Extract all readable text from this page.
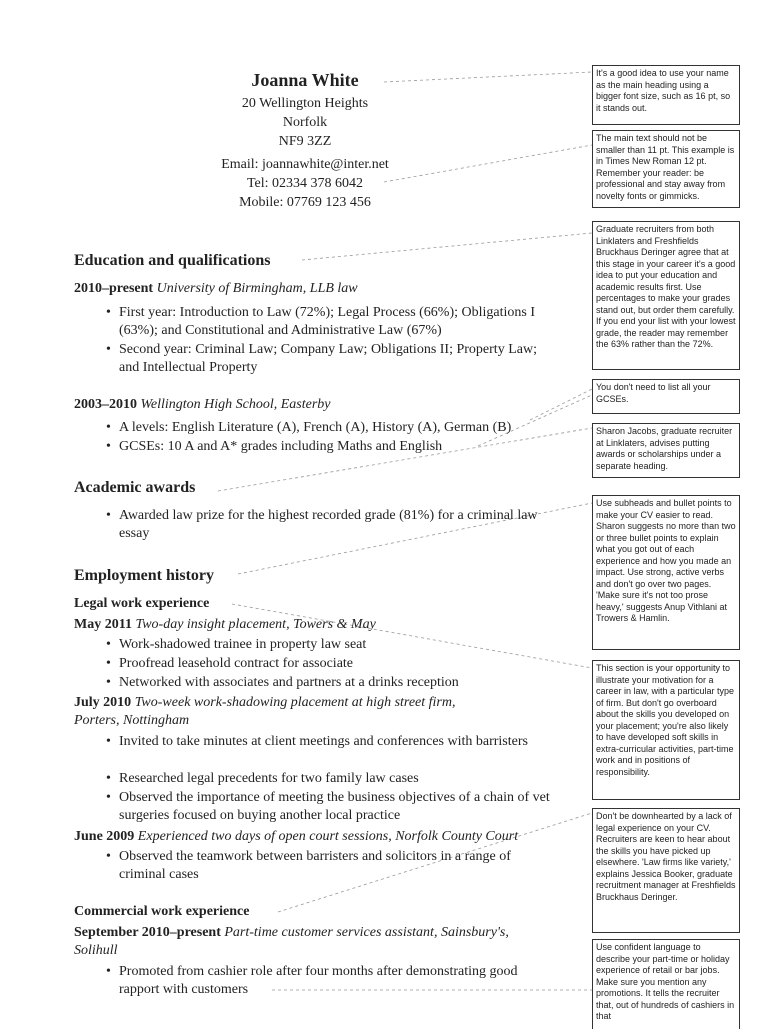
Joanna White
20 Wellington Heights
Norfolk
NF9 3ZZ
Email: joannawhite@inter.net
Tel: 02334 378 6042
Mobile: 07769 123 456
Education and qualifications
2010–present University of Birmingham, LLB law
• First year: Introduction to Law (72%); Legal Process (66%); Obligations I (63%); and Constitutional and Administrative Law (67%)
• Second year: Criminal Law; Company Law; Obligations II; Property Law; and Intellectual Property
2003–2010 Wellington High School, Easterby
• A levels: English Literature (A), French (A), History (A), German (B)
• GCSEs: 10 A and A* grades including Maths and English
Academic awards
• Awarded law prize for the highest recorded grade (81%) for a criminal law essay
Employment history
Legal work experience
May 2011 Two-day insight placement, Towers & May
• Work-shadowed trainee in property law seat
• Proofread leasehold contract for associate
• Networked with associates and partners at a drinks reception
July 2010 Two-week work-shadowing placement at high street firm,
Porters, Nottingham
• Invited to take minutes at client meetings and conferences with barristers
• Researched legal precedents for two family law cases
• Observed the importance of meeting the business objectives of a chain of vet surgeries focused on buying another local practice
June 2009 Experienced two days of open court sessions, Norfolk County Court
• Observed the teamwork between barristers and solicitors in a range of criminal cases
Commercial work experience
September 2010–present Part-time customer services assistant, Sainsbury's,
Solihull
• Promoted from cashier role after four months after demonstrating good rapport with customers
It's a good idea to use your name as the main heading using a bigger font size, such as 16 pt, so it stands out.
The main text should not be smaller than 11 pt. This example is in Times New Roman 12 pt. Remember your reader: be professional and stay away from novelty fonts or gimmicks.
Graduate recruiters from both Linklaters and Freshfields Bruckhaus Deringer agree that at this stage in your career it's a good idea to put your education and academic results first. Use percentages to make your grades stand out, but order them carefully. If you end your list with your lowest grade, the reader may remember the 63% rather than the 72%.
You don't need to list all your GCSEs.
Sharon Jacobs, graduate recruiter at Linklaters, advises putting awards or scholarships under a separate heading.
Use subheads and bullet points to make your CV easier to read. Sharon suggests no more than two or three bullet points to explain what you got out of each experience and how you made an impact. Use strong, active verbs and don't go over two pages. 'Make sure it's not too prose heavy,' suggests Anup Vithlani at Trowers & Hamlin.
This section is your opportunity to illustrate your motivation for a career in law, with a particular type of firm. But don't go overboard about the skills you developed on your placement; you're also likely to have developed soft skills in extra-curricular activities, part-time work and in positions of responsibility.
Don't be downhearted by a lack of legal experience on your CV. Recruiters are keen to hear about the skills you have picked up elsewhere. 'Law firms like variety,' explains Jessica Booker, graduate recruitment manager at Freshfields Bruckhaus Deringer.
Use confident language to describe your part-time or holiday experience of retail or bar jobs. Make sure you mention any promotions. It tells the recruiter that, out of hundreds of cashiers in that
